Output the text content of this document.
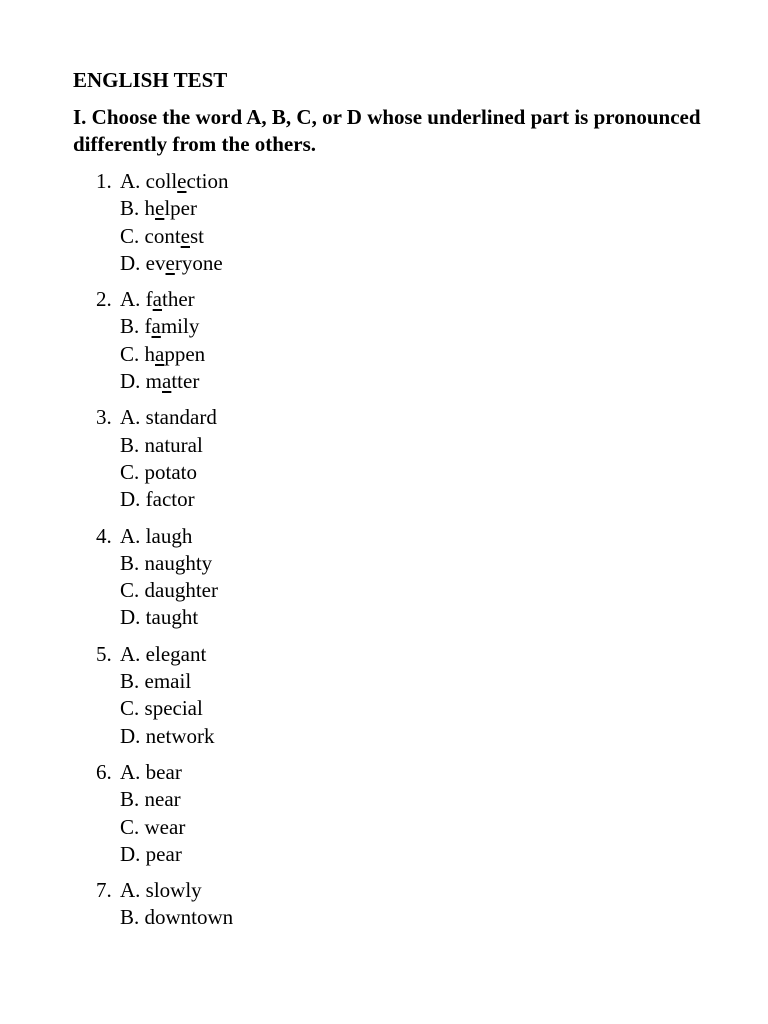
ENGLISH TEST
I. Choose the word A, B, C, or D whose underlined part is pronounced differently from the others.
1. A. collection
B. helper
C. contest
D. everyone
2. A. father
B. family
C. happen
D. matter
3. A. standard
B. natural
C. potato
D. factor
4. A. laugh
B. naughty
C. daughter
D. taught
5. A. elegant
B. email
C. special
D. network
6. A. bear
B. near
C. wear
D. pear
7. A. slowly
B. downtown
